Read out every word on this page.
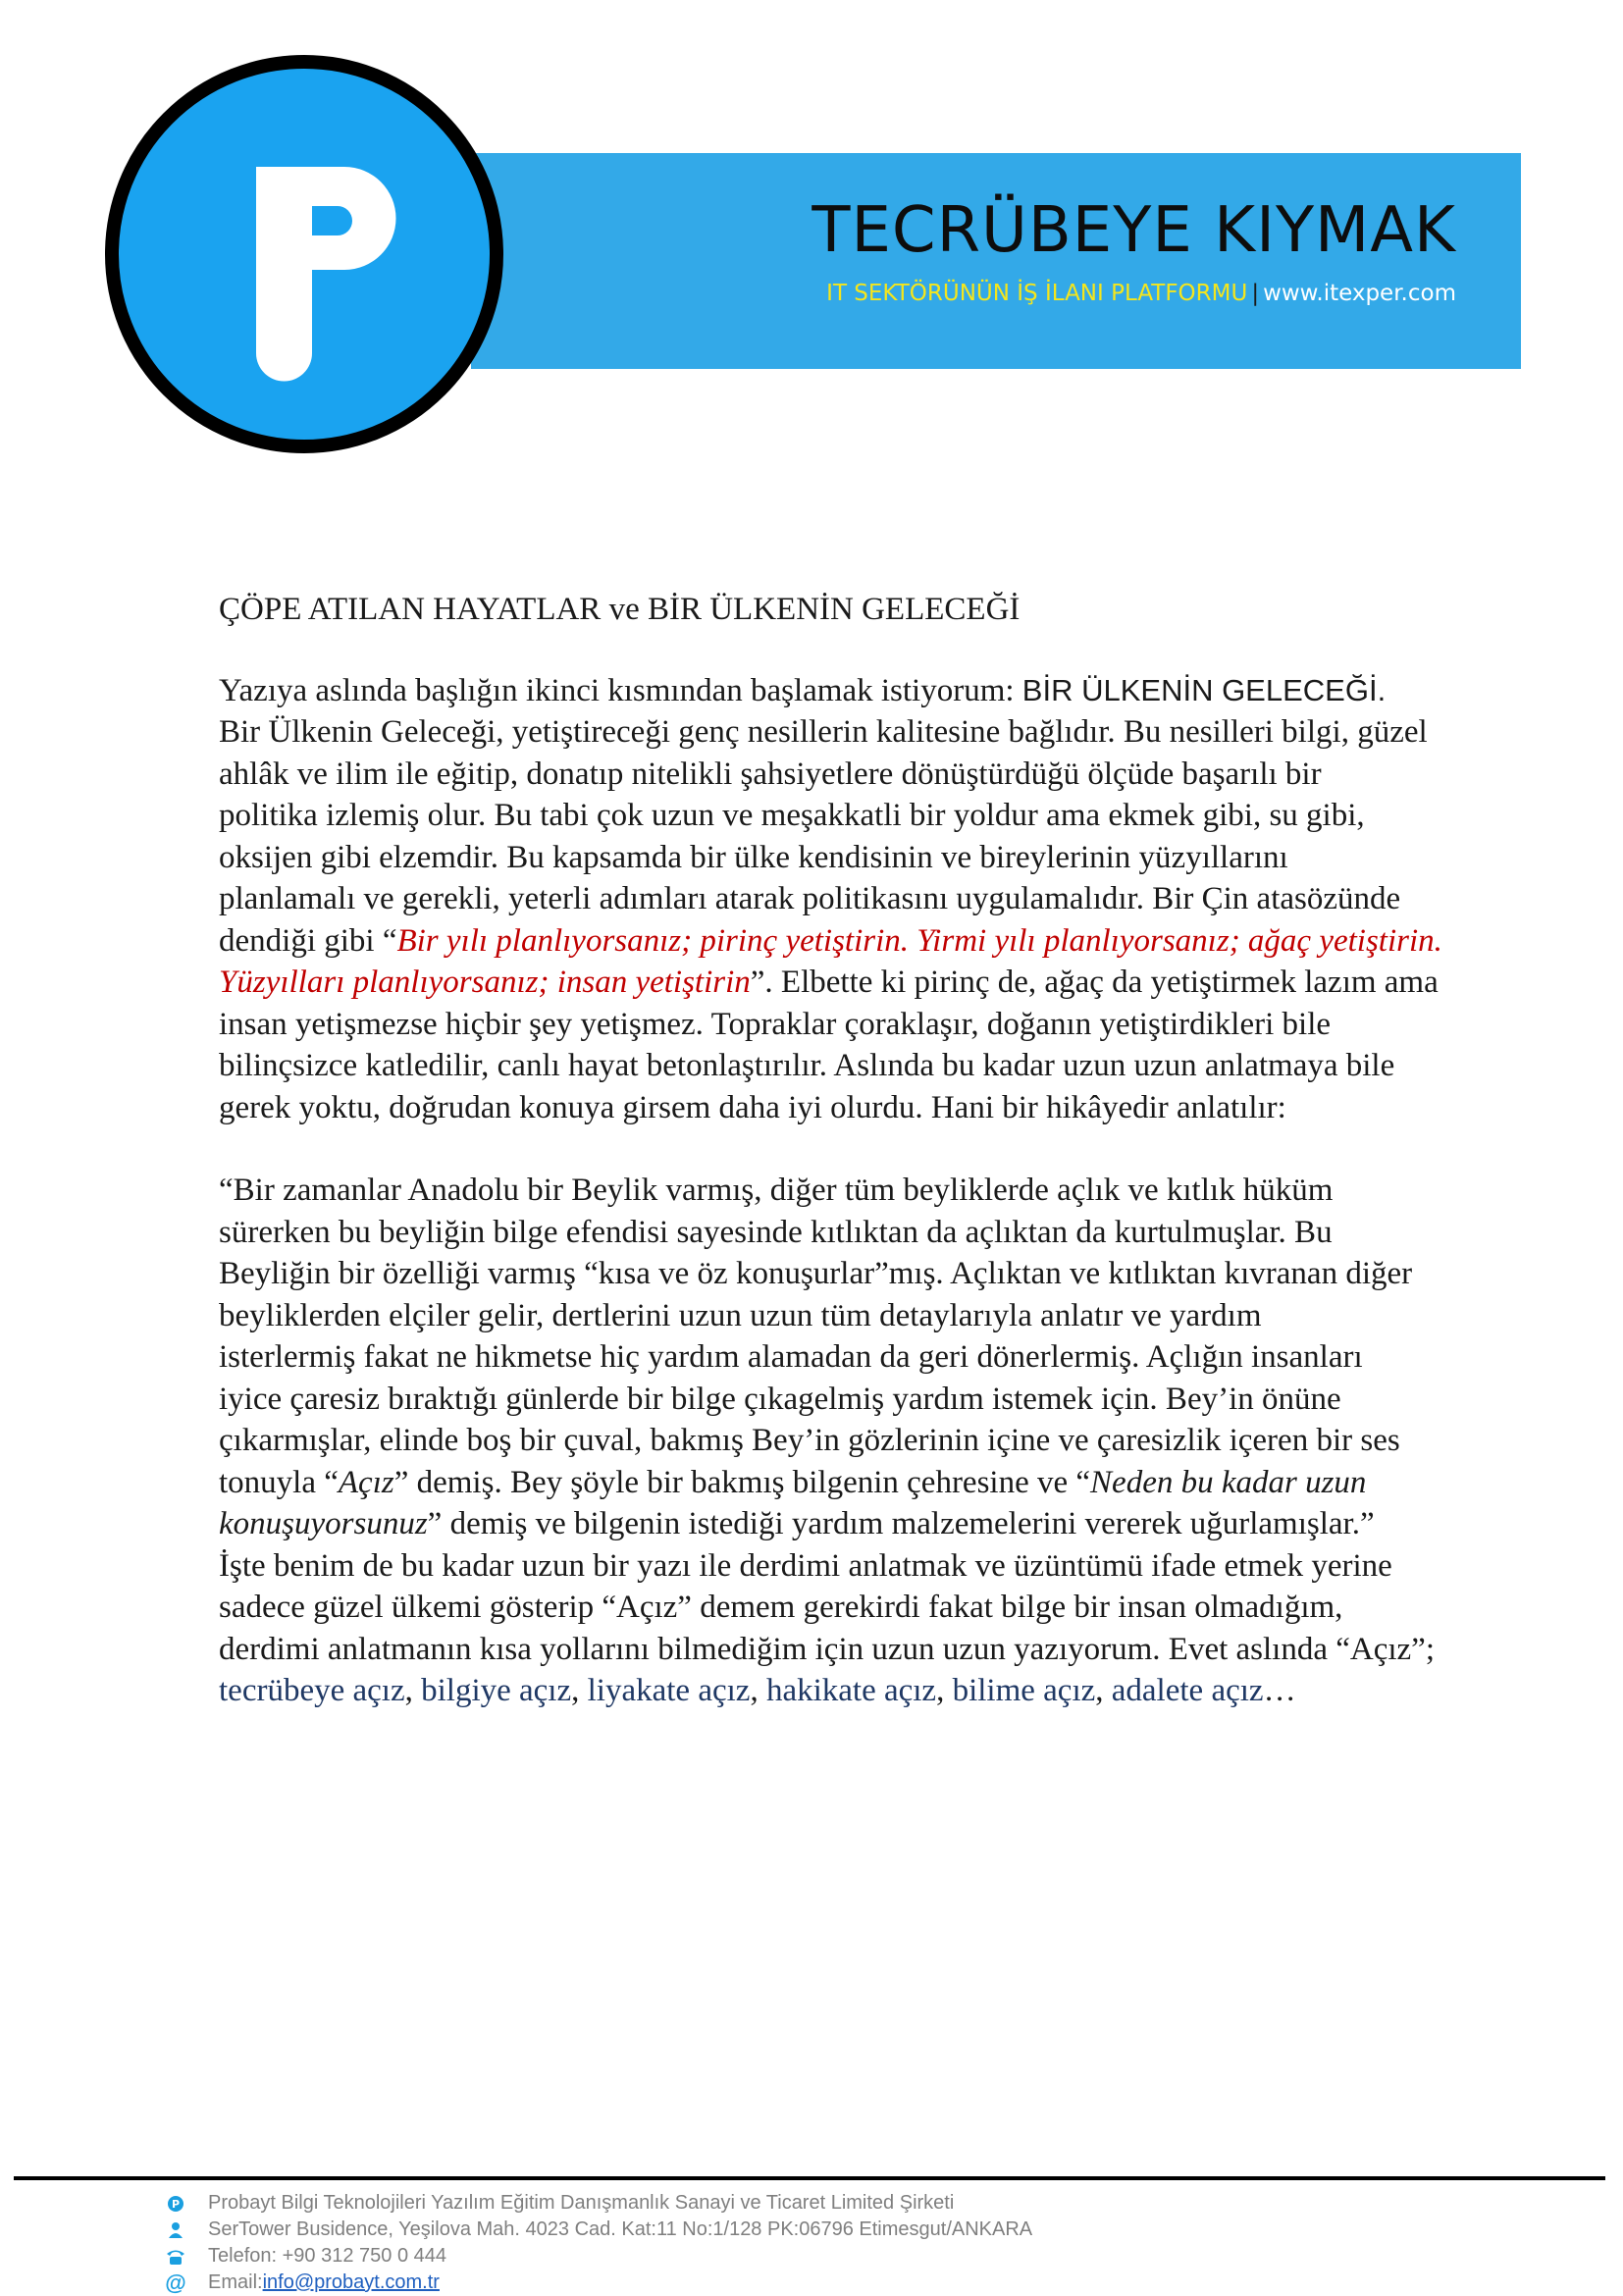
TECRÜBEYE KIYMAK
IT SEKTÖRÜNÜN İŞ İLANI PLATFORMU | www.itexper.com
ÇÖPE ATILAN HAYATLAR ve BİR ÜLKENİN GELECEĞİ
Yazıya aslında başlığın ikinci kısmından başlamak istiyorum: BİR ÜLKENİN GELECEĞİ.
Bir Ülkenin Geleceği, yetiştireceği genç nesillerin kalitesine bağlıdır. Bu nesilleri bilgi, güzel
ahlâk ve ilim ile eğitip, donatıp nitelikli şahsiyetlere dönüştürdüğü ölçüde başarılı bir
politika izlemiş olur. Bu tabi çok uzun ve meşakkatli bir yoldur ama ekmek gibi, su gibi,
oksijen gibi elzemdir. Bu kapsamda bir ülke kendisinin ve bireylerinin yüzyıllarını
planlamalı ve gerekli, yeterli adımları atarak politikasını uygulamalıdır. Bir Çin atasözünde
dendiği gibi “Bir yılı planlıyorsanız; pirinç yetiştirin. Yirmi yılı planlıyorsanız; ağaç yetiştirin.
Yüzyılları planlıyorsanız; insan yetiştirin”. Elbette ki pirinç de, ağaç da yetiştirmek lazım ama
insan yetişmezse hiçbir şey yetişmez. Topraklar çoraklaşır, doğanın yetiştirdikleri bile
bilinçsizce katledilir, canlı hayat betonlaştırılır. Aslında bu kadar uzun uzun anlatmaya bile
gerek yoktu, doğrudan konuya girsem daha iyi olurdu. Hani bir hikâyedir anlatılır:
“Bir zamanlar Anadolu bir Beylik varmış, diğer tüm beyliklerde açlık ve kıtlık hüküm
sürerken bu beyliğin bilge efendisi sayesinde kıtlıktan da açlıktan da kurtulmuşlar. Bu
Beyliğin bir özelliği varmış “kısa ve öz konuşurlar”mış. Açlıktan ve kıtlıktan kıvranan diğer
beyliklerden elçiler gelir, dertlerini uzun uzun tüm detaylarıyla anlatır ve yardım
isterlermiş fakat ne hikmetse hiç yardım alamadan da geri dönerlermiş. Açlığın insanları
iyice çaresiz bıraktığı günlerde bir bilge çıkagelmiş yardım istemek için. Bey’in önüne
çıkarmışlar, elinde boş bir çuval, bakmış Bey’in gözlerinin içine ve çaresizlik içeren bir ses
tonuyla “Açız” demiş. Bey şöyle bir bakmış bilgenin çehresine ve “Neden bu kadar uzun
konuşuyorsunuz” demiş ve bilgenin istediği yardım malzemelerini vererek uğurlamışlar.”
İşte benim de bu kadar uzun bir yazı ile derdimi anlatmak ve üzüntümü ifade etmek yerine
sadece güzel ülkemi gösterip “Açız” demem gerekirdi fakat bilge bir insan olmadığım,
derdimi anlatmanın kısa yollarını bilmediğim için uzun uzun yazıyorum. Evet aslında “Açız”;
tecrübeye açız, bilgiye açız, liyakate açız, hakikate açız, bilime açız, adalete açız…
P Probayt Bilgi Teknolojileri Yazılım Eğitim Danışmanlık Sanayi ve Ticaret Limited Şirketi
SerTower Busidence, Yeşilova Mah. 4023 Cad. Kat:11 No:1/128 PK:06796 Etimesgut/ANKARA
Telefon: +90 312 750 0 444
@ Email: info@probayt.com.tr
